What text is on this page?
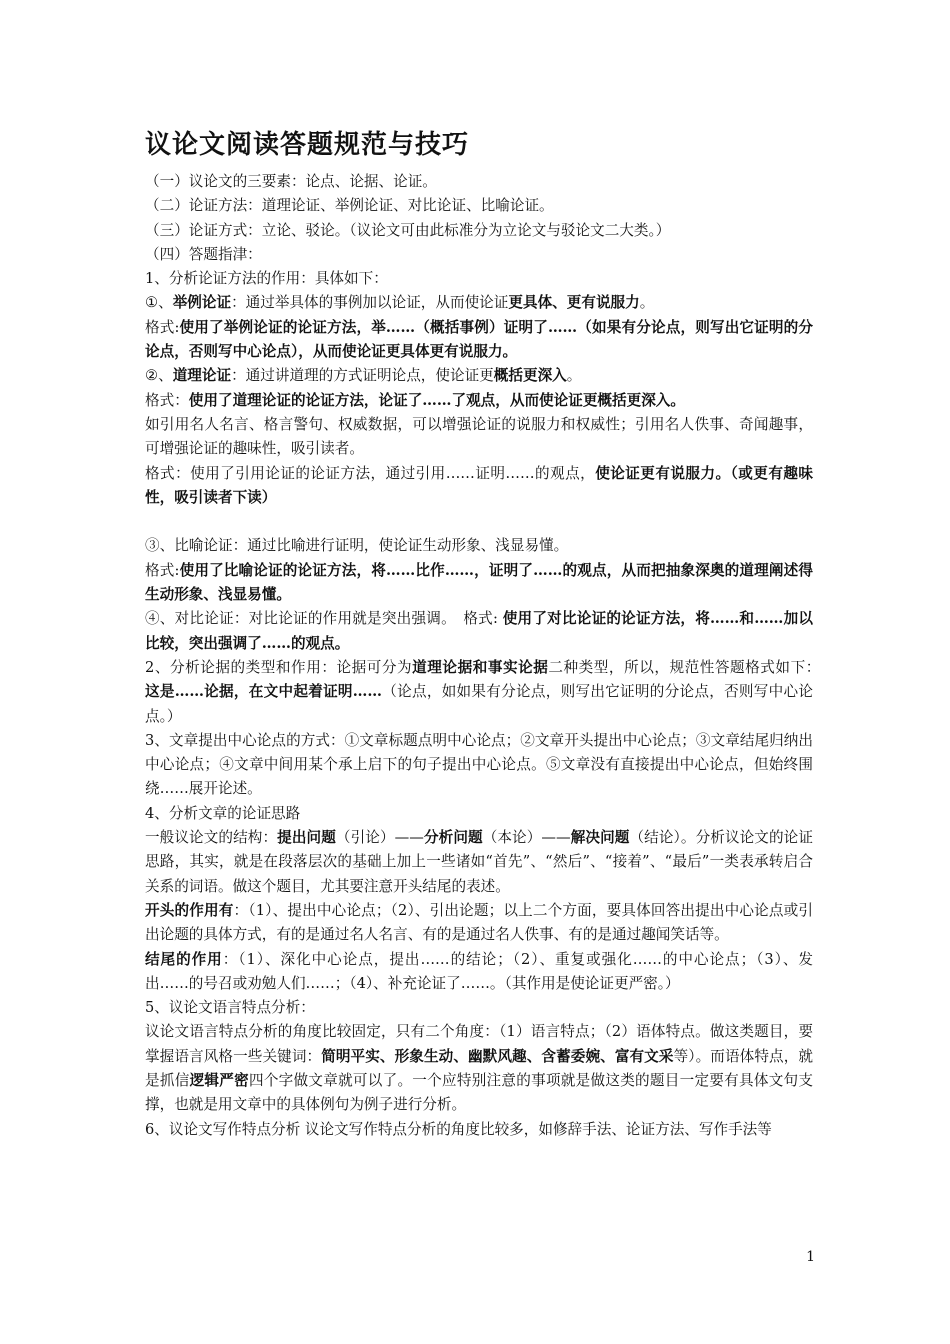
议论文阅读答题规范与技巧

（一）议论文的三要素：论点、论据、论证。

（二）论证方法：道理论证、举例论证、对比论证、比喻论证。

（三）论证方式：立论、驳论。（议论文可由此标准分为立论文与驳论文二大类。）

（四）答题指津：

1、分析论证方法的作用：具体如下：

①、举例论证：通过举具体的事例加以论证，从而使论证更具体、更有说服力。

格式:使用了举例论证的论证方法，举……（概括事例）证明了……（如果有分论点，则写出它证明的分论点，否则写中心论点），从而使论证更具体更有说服力。

②、道理论证：通过讲道理的方式证明论点，使论证更概括更深入。

格式：使用了道理论证的论证方法，论证了……了观点，从而使论证更概括更深入。

如引用名人名言、格言警句、权威数据，可以增强论证的说服力和权威性；引用名人佚事、奇闻趣事，可增强论证的趣味性，吸引读者。

格式：使用了引用论证的论证方法，通过引用……证明……的观点，使论证更有说服力。（或更有趣味性，吸引读者下读）

③、比喻论证：通过比喻进行证明，使论证生动形象、浅显易懂。

格式:使用了比喻论证的论证方法，将……比作……，证明了……的观点，从而把抽象深奥的道理阐述得生动形象、浅显易懂。

④、对比论证：对比论证的作用就是突出强调。　格式: 使用了对比论证的论证方法，将……和……加以比较，突出强调了……的观点。

2、分析论据的类型和作用：论据可分为道理论据和事实论据二种类型，所以，规范性答题格式如下：　这是……论据，在文中起着证明……（论点，如如果有分论点，则写出它证明的分论点，否则写中心论点。）

3、文章提出中心论点的方式：①文章标题点明中心论点；②文章开头提出中心论点；③文章结尾归纳出中心论点；④文章中间用某个承上启下的句子提出中心论点。⑤文章没有直接提出中心论点，但始终围绕……展开论述。

4、分析文章的论证思路

一般议论文的结构：提出问题（引论）——分析问题（本论）——解决问题（结论）。分析议论文的论证思路，其实，就是在段落层次的基础上加上一些诸如“首先”、“然后”、“接着”、“最后”一类表承转启合关系的词语。做这个题目，尤其要注意开头结尾的表述。

开头的作用有：（1）、提出中心论点；（2）、引出论题；以上二个方面，要具体回答出提出中心论点或引出论题的具体方式，有的是通过名人名言、有的是通过名人佚事、有的是通过趣闻笑话等。

结尾的作用：（1）、深化中心论点，提出……的结论；（2）、重复或强化……的中心论点；（3）、发出……的号召或劝勉人们……；（4）、补充论证了……。（其作用是使论证更严密。）

5、议论文语言特点分析：

议论文语言特点分析的角度比较固定，只有二个角度：（1）语言特点；（2）语体特点。做这类题目，要掌握语言风格一些关键词：简明平实、形象生动、幽默风趣、含蓄委婉、富有文采等）。而语体特点，就是抓信逻辑严密四个字做文章就可以了。一个应特别注意的事项就是做这类的题目一定要有具体文句支撑，也就是用文章中的具体例句为例子进行分析。

6、议论文写作特点分析 议论文写作特点分析的角度比较多，如修辞手法、论证方法、写作手法等

1
